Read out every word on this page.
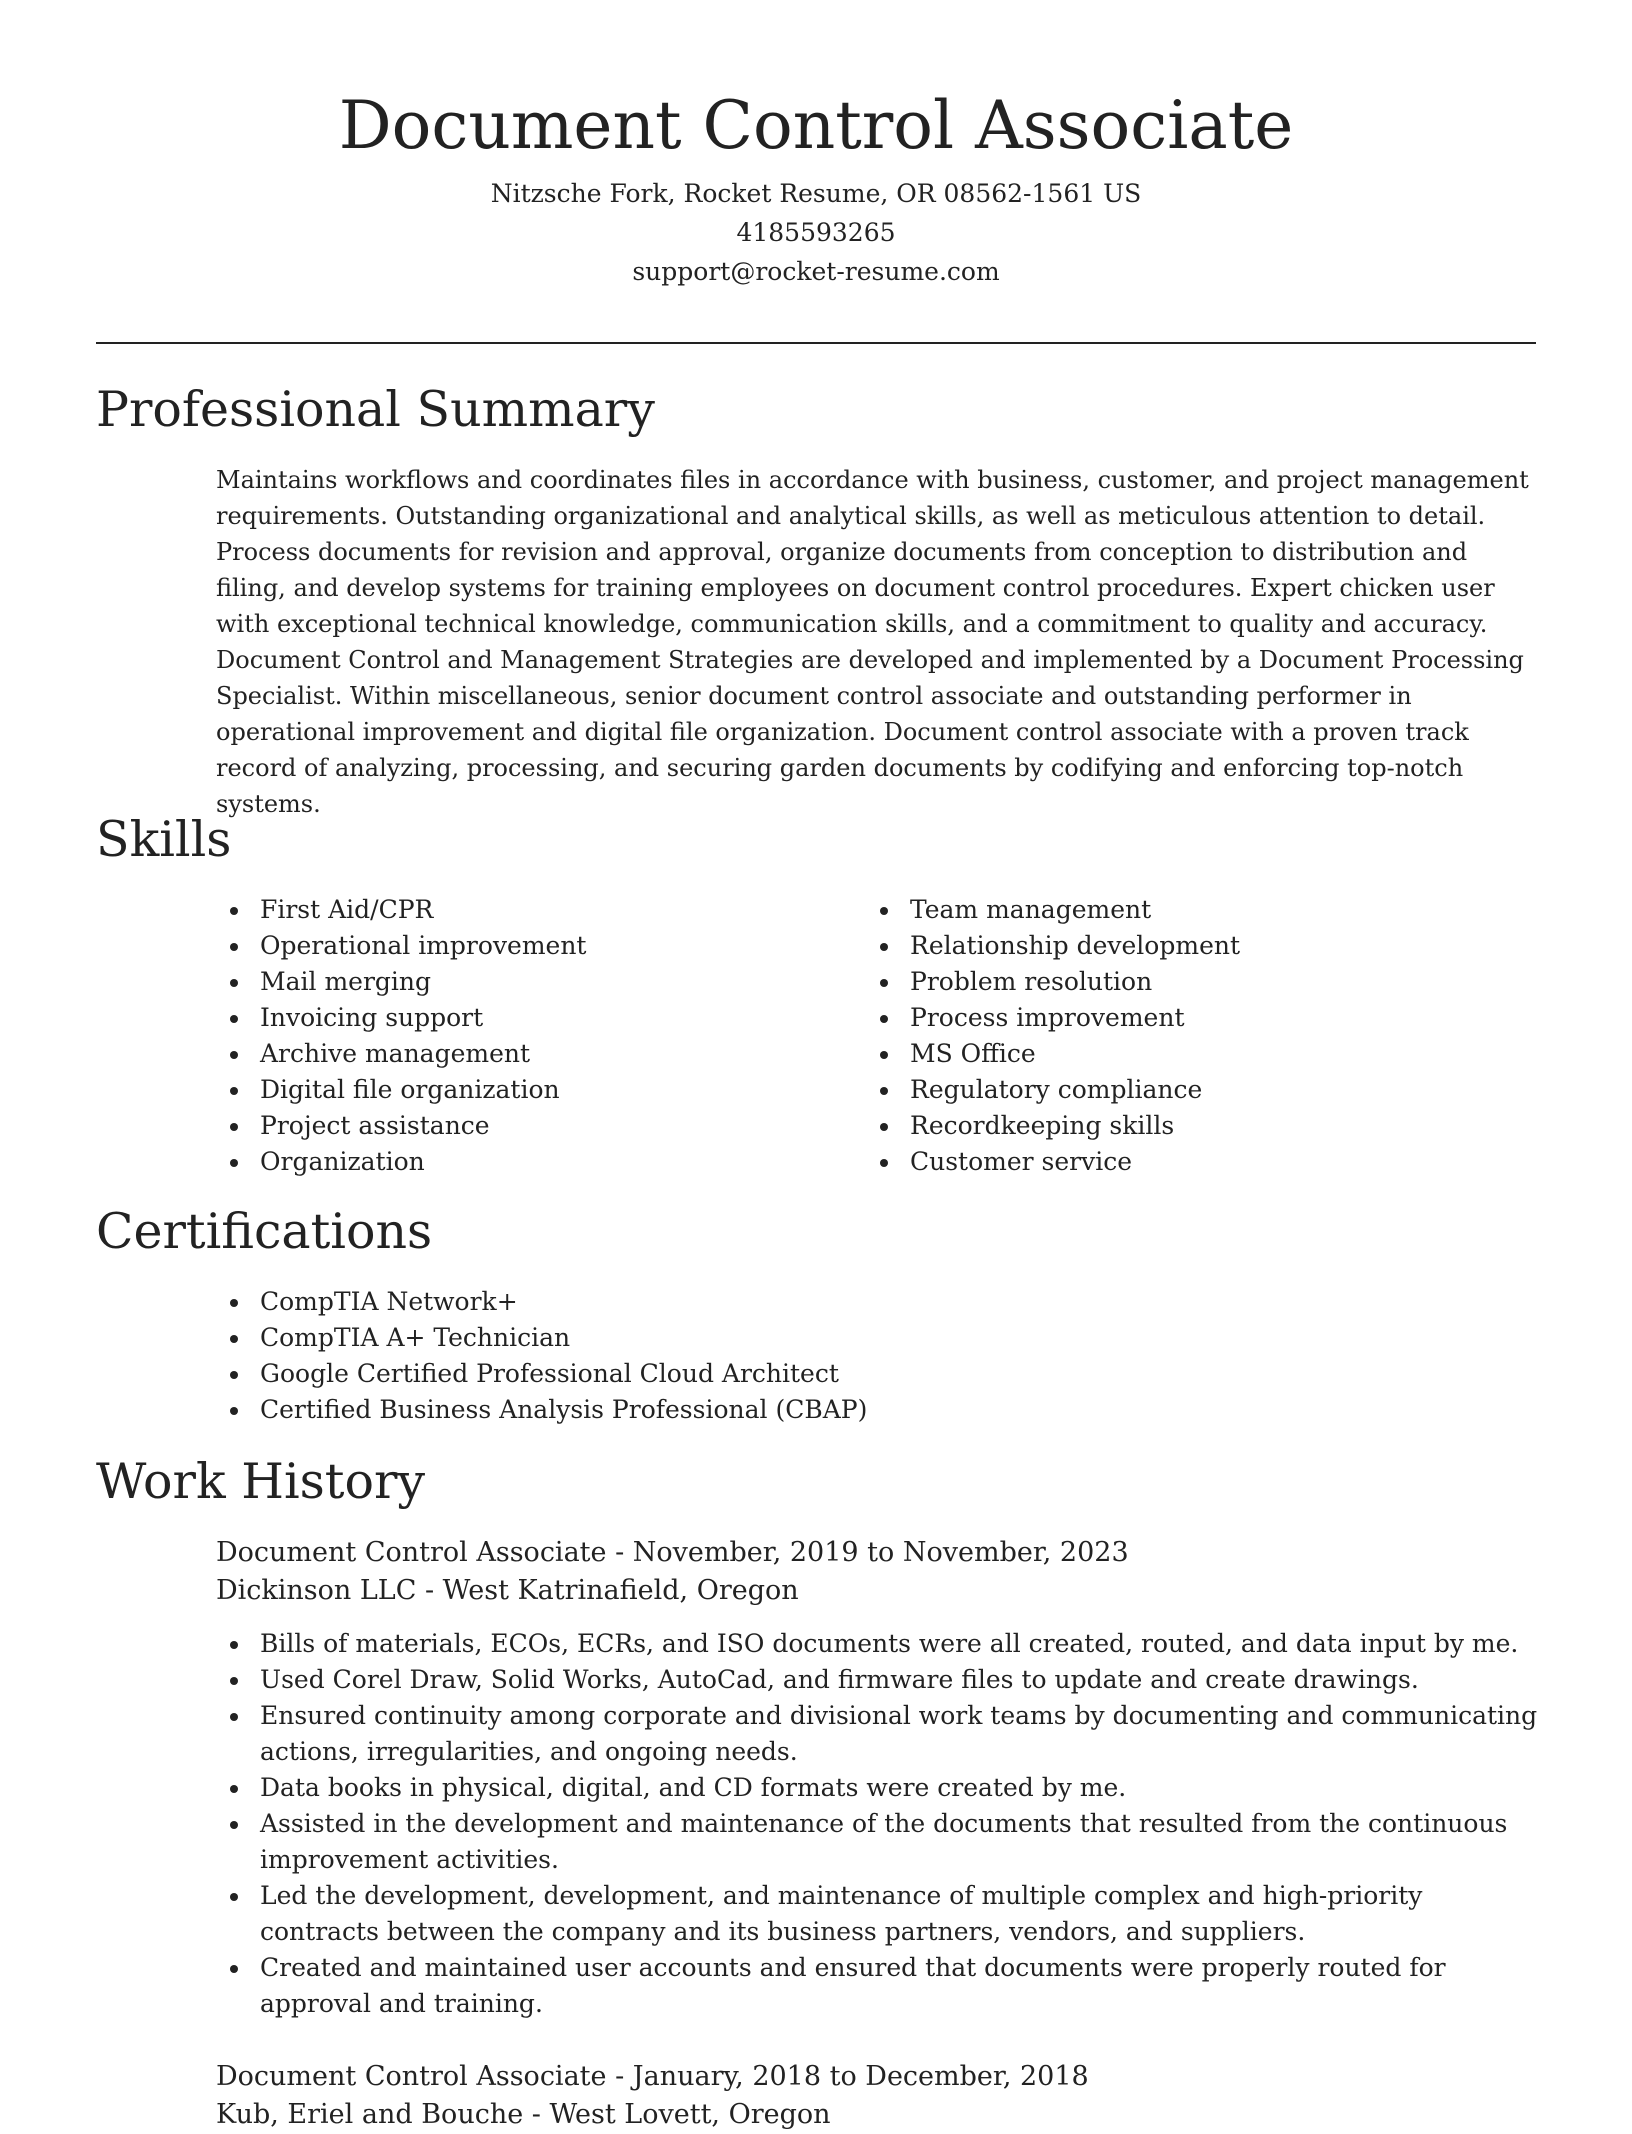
Document Control Associate
Nitzsche Fork, Rocket Resume, OR 08562-1561 US
4185593265
support@rocket-resume.com
Professional Summary

Maintains workflows and coordinates files in accordance with business, customer, and project management requirements. Outstanding organizational and analytical skills, as well as meticulous attention to detail. Process documents for revision and approval, organize documents from conception to distribution and filing, and develop systems for training employees on document control procedures. Expert chicken user with exceptional technical knowledge, communication skills, and a commitment to quality and accuracy. Document Control and Management Strategies are developed and implemented by a Document Processing Specialist. Within miscellaneous, senior document control associate and outstanding performer in operational improvement and digital file organization. Document control associate with a proven track record of analyzing, processing, and securing garden documents by codifying and enforcing top-notch systems.

Skills
First Aid/CPR
Operational improvement
Mail merging
Invoicing support
Archive management
Digital file organization
Project assistance
Organization
Team management
Relationship development
Problem resolution
Process improvement
MS Office
Regulatory compliance
Recordkeeping skills
Customer service
Certifications
CompTIA Network+
CompTIA A+ Technician
Google Certified Professional Cloud Architect
Certified Business Analysis Professional (CBAP)
Work History
Document Control Associate - November, 2019 to November, 2023
Dickinson LLC - West Katrinafield, Oregon
Bills of materials, ECOs, ECRs, and ISO documents were all created, routed, and data input by me.
Used Corel Draw, Solid Works, AutoCad, and firmware files to update and create drawings.
Ensured continuity among corporate and divisional work teams by documenting and communicating actions, irregularities, and ongoing needs.
Data books in physical, digital, and CD formats were created by me.
Assisted in the development and maintenance of the documents that resulted from the continuous improvement activities.
Led the development, development, and maintenance of multiple complex and high-priority contracts between the company and its business partners, vendors, and suppliers.
Created and maintained user accounts and ensured that documents were properly routed for approval and training.
Document Control Associate - January, 2018 to December, 2018
Kub, Eriel and Bouche - West Lovett, Oregon
